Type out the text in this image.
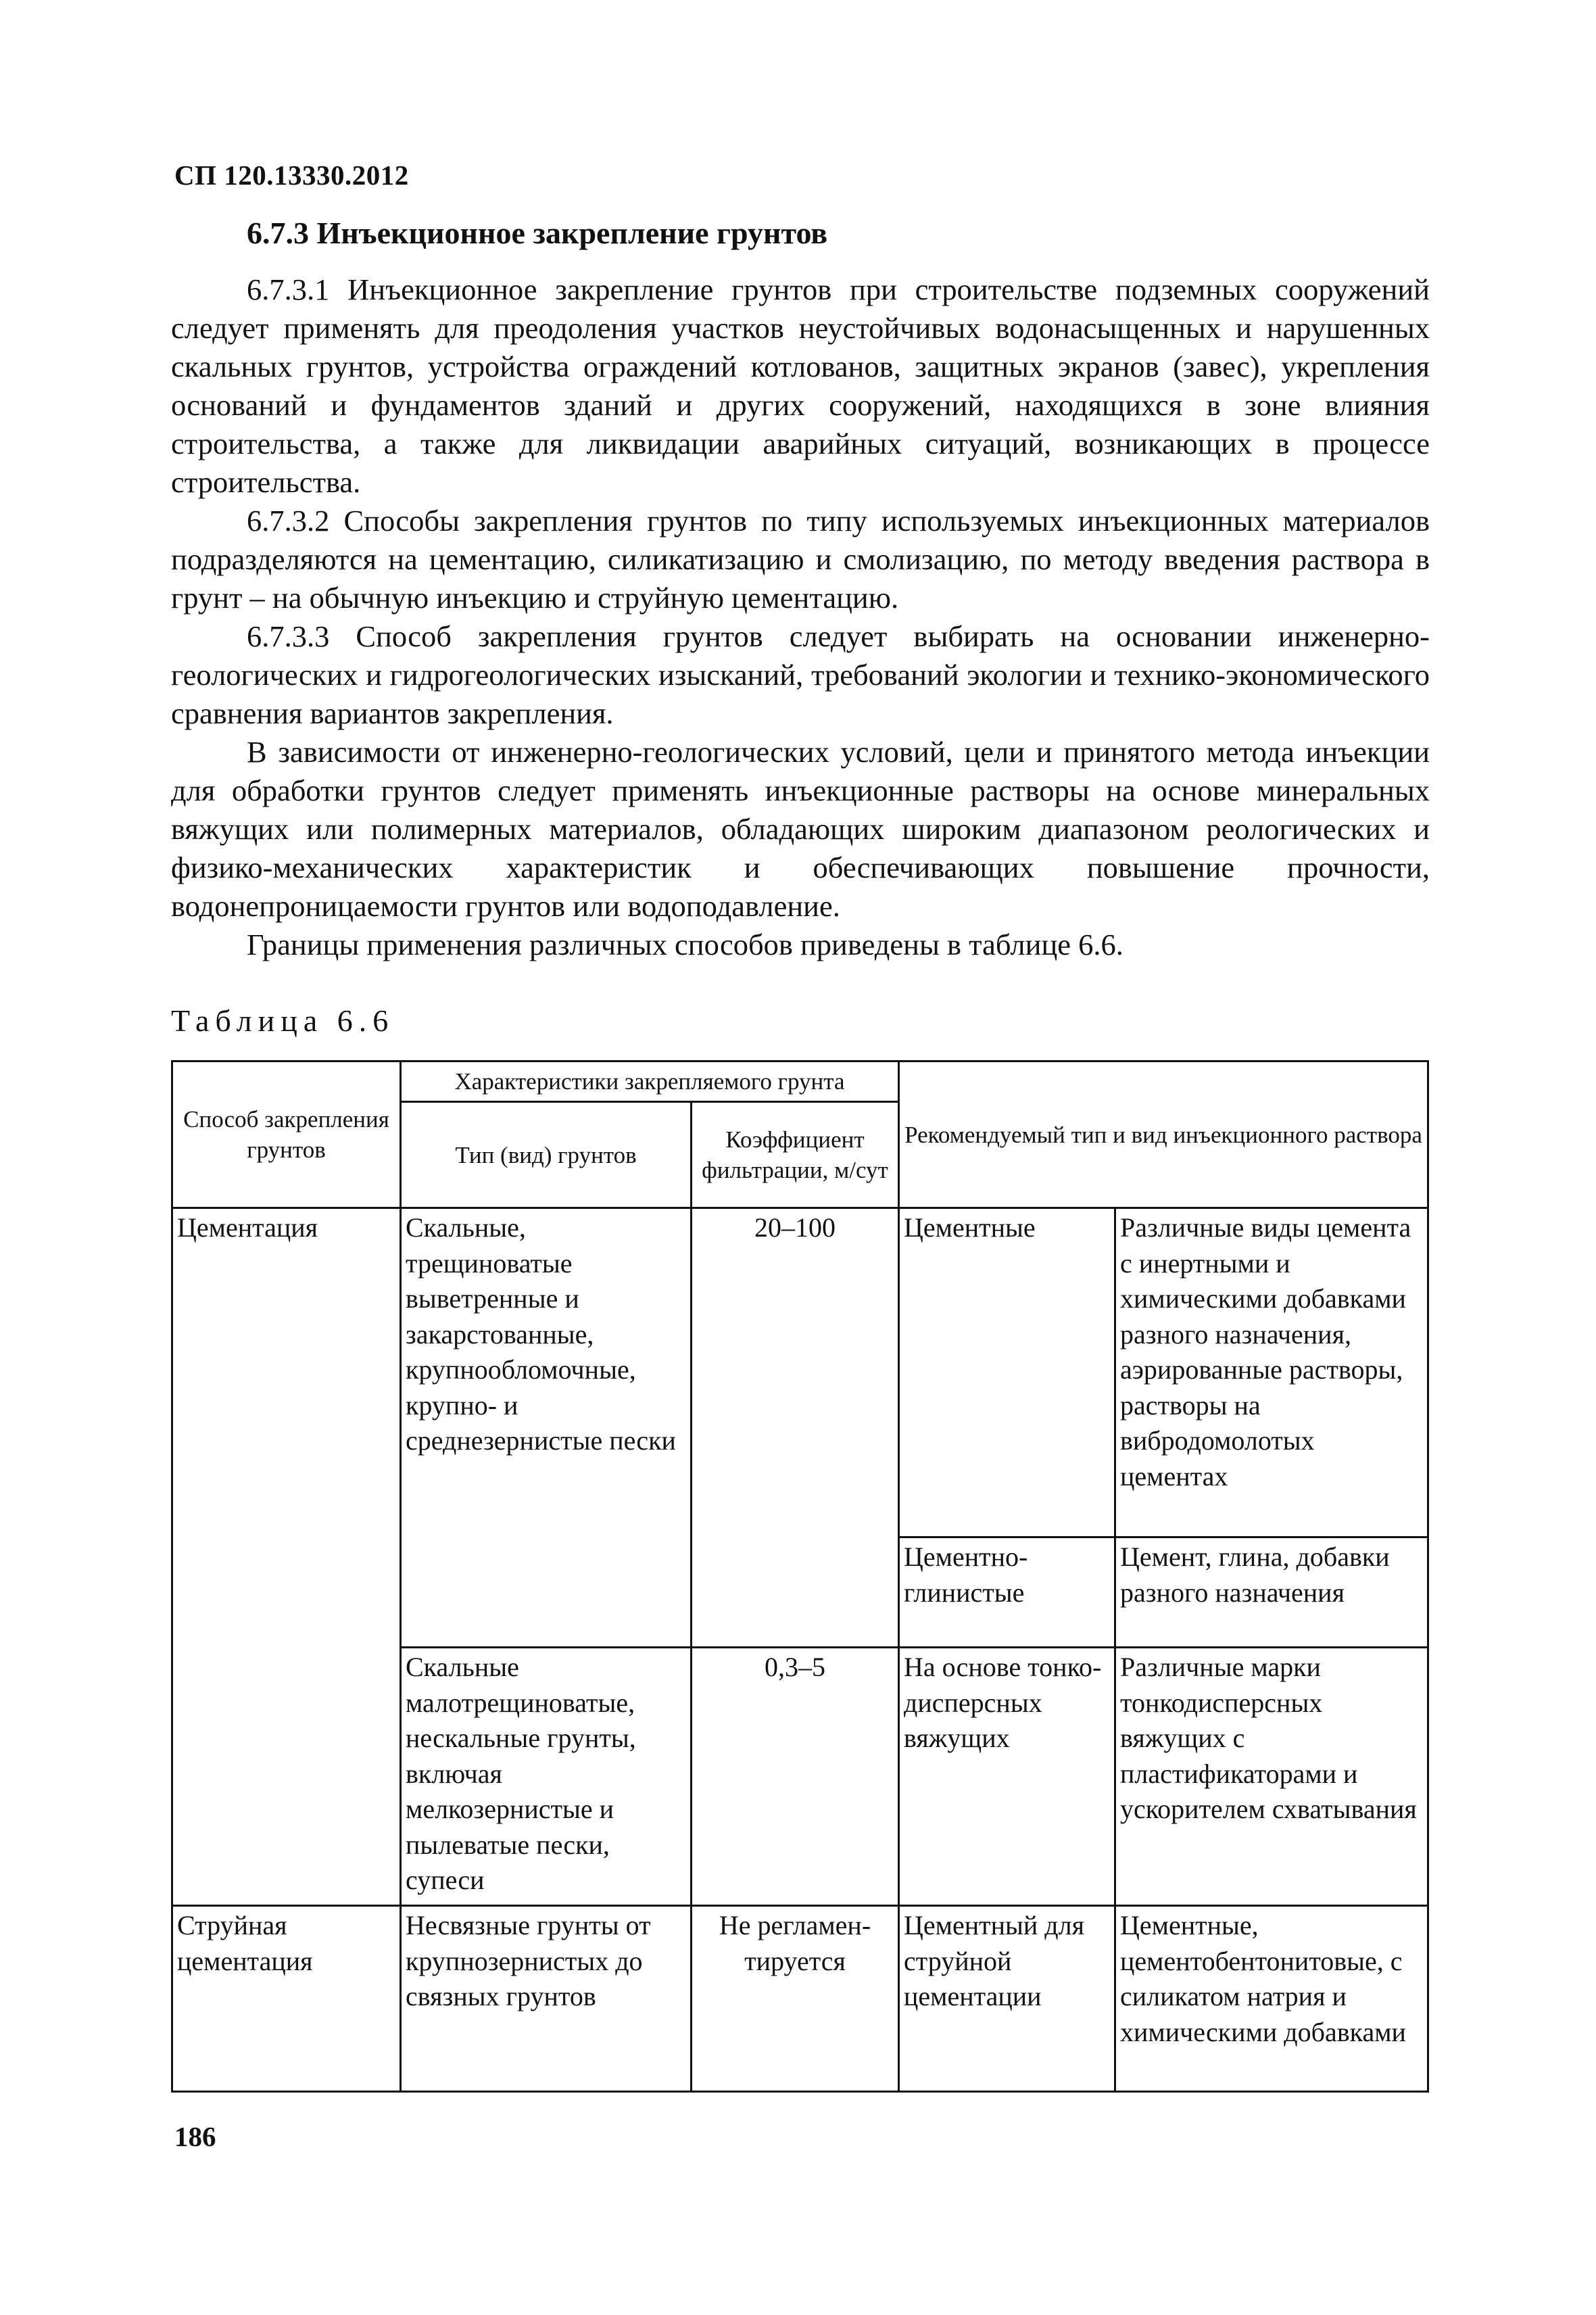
СП 120.13330.2012
6.7.3 Инъекционное закрепление грунтов

6.7.3.1 Инъекционное закрепление грунтов при строительстве подземных сооружений следует применять для преодоления участков неустойчивых водонасыщенных и нарушенных скальных грунтов, устройства ограждений котлованов, защитных экранов (завес), укрепления оснований и фундаментов зданий и других сооружений, находящихся в зоне влияния строительства, а также для ликвидации аварийных ситуаций, возникающих в процессе строительства.

6.7.3.2 Способы закрепления грунтов по типу используемых инъекционных материалов подразделяются на цементацию, силикатизацию и смолизацию, по методу введения раствора в грунт – на обычную инъекцию и струйную цементацию.

6.7.3.3 Способ закрепления грунтов следует выбирать на основании инженерно-геологических и гидрогеологических изысканий, требований экологии и технико-экономического сравнения вариантов закрепления.

В зависимости от инженерно-геологических условий, цели и принятого метода инъекции для обработки грунтов следует применять инъекционные растворы на основе минеральных вяжущих или полимерных материалов, обладающих широким диапазоном реологических и физико-механических характеристик и обеспечивающих повышение прочности, водонепроницаемости грунтов или водоподавление.

Границы применения различных способов приведены в таблице 6.6.

Таблица 6.6
Способ закрепления грунтов	Характеристики закрепляемого грунта		Рекомендуемый тип и вид инъекционного раствора	
	Тип (вид) грунтов	Коэффициент фильтрации, м/сут		
Цементация	Скальные, трещиноватые выветренные и закарстованные, крупнообломочные, крупно- и среднезернистые пески	20–100	Цементные	Различные виды цемента с инертными и химическими добавками разного назначения, аэрированные растворы, растворы на вибродомолотых цементах
			Цементно-глинистые	Цемент, глина, добавки разного назначения
	Скальные малотрещиноватые, нескальные грунты, включая мелкозернистые и пылеватые пески, супеси	0,3–5	На основе тонко-дисперсных вяжущих	Различные марки тонкодисперсных вяжущих с пластификаторами и ускорителем схватывания
Струйная цементация	Несвязные грунты от крупнозернистых до связных грунтов	Не регламен-тируется	Цементный для струйной цементации	Цементные, цементобентонитовые, с силикатом натрия и химическими добавками
186
